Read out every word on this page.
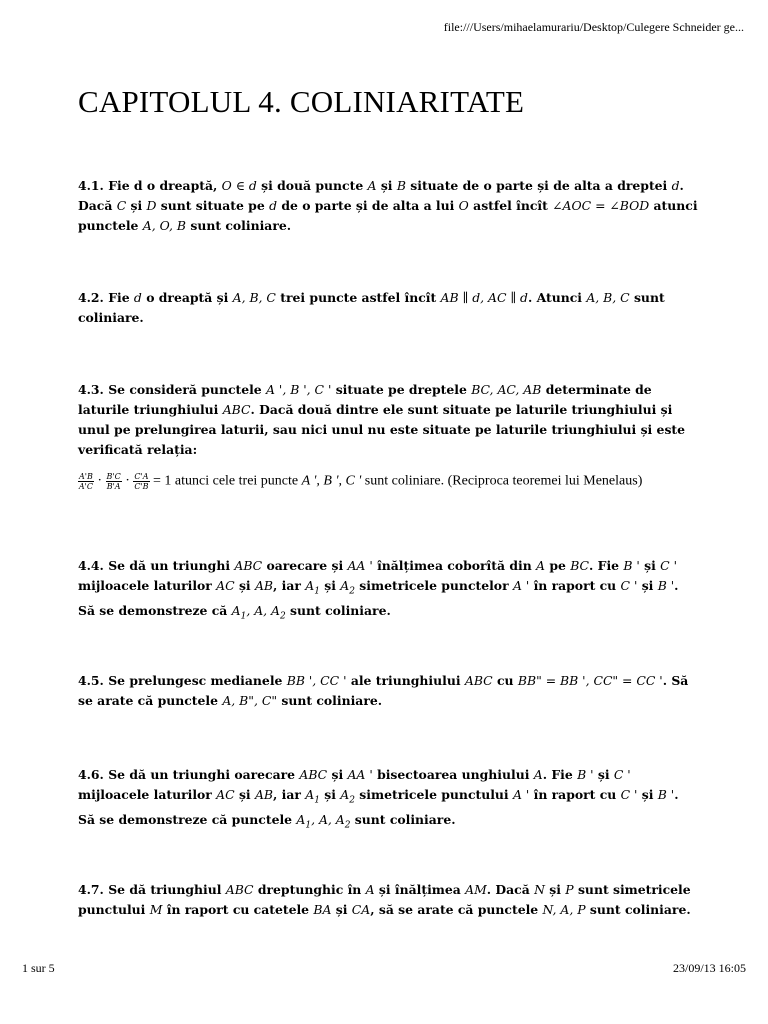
file:///Users/mihaelamurariu/Desktop/Culegere Schneider ge...
CAPITOLUL 4. COLINIARITATE

4.1. Fie d o dreaptă, O ∈ d și două puncte A și B situate de o parte și de alta a dreptei d. Dacă C și D sunt situate pe d de o parte și de alta a lui O astfel încît ∠AOC = ∠BOD atunci punctele A, O, B sunt coliniare.

4.2. Fie d o dreaptă și A, B, C trei puncte astfel încît AB ∥ d, AC ∥ d. Atunci A, B, C sunt coliniare.

4.3. Se consideră punctele A ', B ', C ' situate pe dreptele BC, AC, AB determinate de laturile triunghiului ABC. Dacă două dintre ele sunt situate pe laturile triunghiului și unul pe prelungirea laturii, sau nici unul nu este situate pe laturile triunghiului și este verificată relația:

$\frac{A'B}{A'C} \cdot \frac{B'C}{B'A} \cdot \frac{C'A}{C'B} = 1$ atunci cele trei puncte A ', B ', C ' sunt coliniare. (Reciproca teoremei lui Menelaus)

4.4. Se dă un triunghi ABC oarecare și AA ' înălțimea coborîtă din A pe BC. Fie B ' și C ' mijloacele laturilor AC și AB, iar $A_1$ și $A_2$ simetricele punctelor A ' în raport cu C ' și B '. Să se demonstreze că $A_1$, A, $A_2$ sunt coliniare.

4.5. Se prelungesc medianele BB ', CC ' ale triunghiului ABC cu BB" = BB ', CC" = CC '. Să se arate că punctele A, B", C" sunt coliniare.

4.6. Se dă un triunghi oarecare ABC și AA ' bisectoarea unghiului A. Fie B ' și C ' mijloacele laturilor AC și AB, iar $A_1$ și $A_2$ simetricele punctului A ' în raport cu C ' și B '. Să se demonstreze că punctele $A_1$, A, $A_2$ sunt coliniare.

4.7. Se dă triunghiul ABC dreptunghic în A și înălțimea AM. Dacă N și P sunt simetricele punctului M în raport cu catetele BA și CA, să se arate că punctele N, A, P sunt coliniare.

1 sur 5	23/09/13 16:05
